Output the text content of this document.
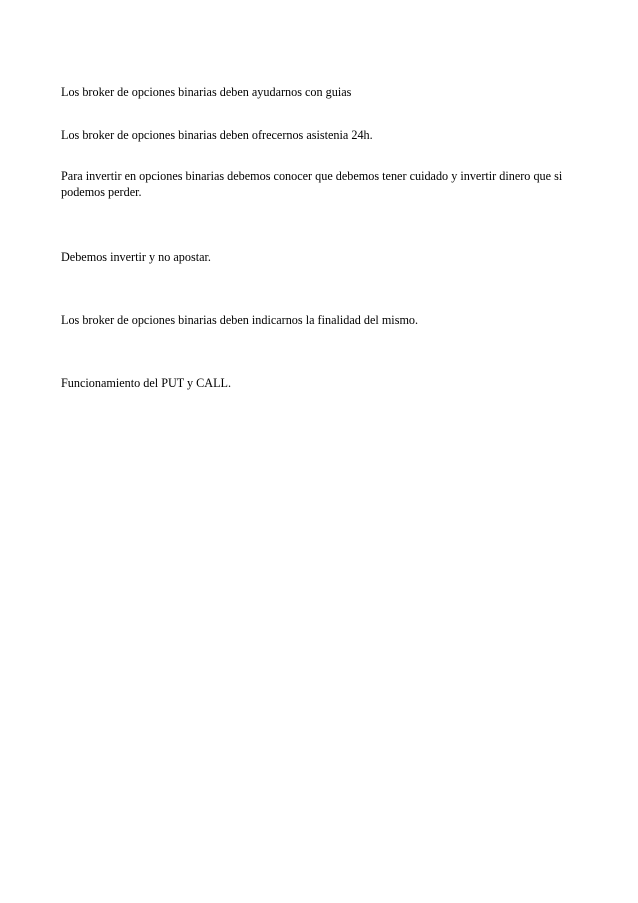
Los broker de opciones binarias deben ayudarnos con guias

Los broker de opciones binarias deben ofrecernos asistenia 24h.

Para invertir en opciones binarias debemos conocer que debemos tener cuidado y invertir dinero que si podemos perder.

Debemos invertir y no apostar.

Los broker de opciones binarias deben indicarnos la finalidad del mismo.

Funcionamiento del PUT y CALL.
